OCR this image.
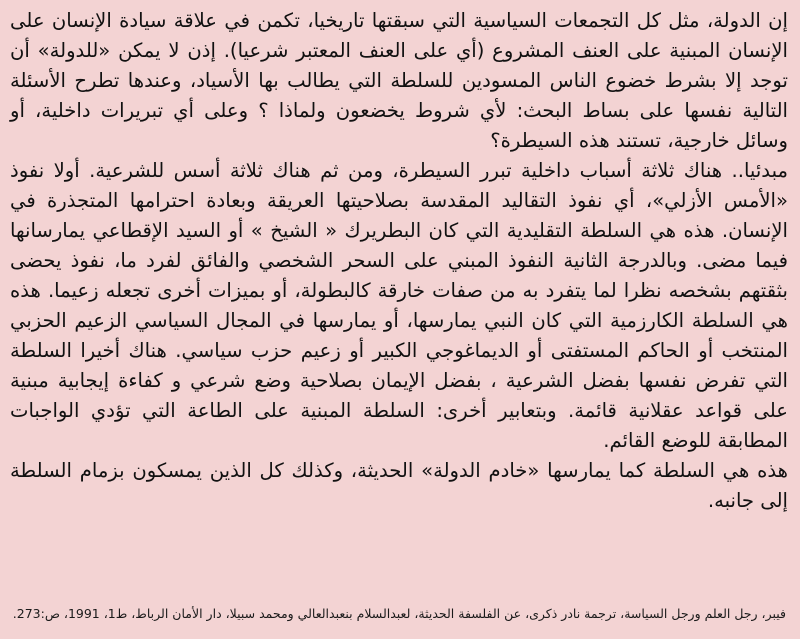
إن الدولة، مثل كل التجمعات السياسية التي سبقتها تاريخيا، تكمن في علاقة سيادة الإنسان على الإنسان المبنية على العنف المشروع (أي على العنف المعتبر شرعيا). إذن لا يمكن «للدولة» أن توجد إلا بشرط خضوع الناس المسودين للسلطة التي يطالب بها الأسياد، وعندها تطرح الأسئلة التالية نفسها على بساط البحث: لأي شروط يخضعون ولماذا ؟ وعلى أي تبريرات داخلية، أو وسائل خارجية، تستند هذه السيطرة؟

مبدئيا.. هناك ثلاثة أسباب داخلية تبرر السيطرة، ومن ثم هناك ثلاثة أسس للشرعية. أولا نفوذ «الأمس الأزلي»، أي نفوذ التقاليد المقدسة بصلاحيتها العريقة وبعادة احترامها المتجذرة في الإنسان. هذه هي السلطة التقليدية التي كان البطريرك « الشيخ » أو السيد الإقطاعي يمارسانها فيما مضى. وبالدرجة الثانية النفوذ المبني على السحر الشخصي والفائق لفرد ما، نفوذ يحضى بثقتهم بشخصه نظرا لما يتفرد به من صفات خارقة كالبطولة، أو بميزات أخرى تجعله زعيما. هذه هي السلطة الكارزمية التي كان النبي يمارسها، أو يمارسها في المجال السياسي الزعيم الحزبي المنتخب أو الحاكم المستفتى أو الديماغوجي الكبير أو زعيم حزب سياسي. هناك أخيرا السلطة التي تفرض نفسها بفضل الشرعية ، بفضل الإيمان بصلاحية وضع شرعي و كفاءة إيجابية مبنية على قواعد عقلانية قائمة. وبتعابير أخرى: السلطة المبنية على الطاعة التي تؤدي الواجبات المطابقة للوضع القائم.

هذه هي السلطة كما يمارسها «خادم الدولة» الحديثة، وكذلك كل الذين يمسكون بزمام السلطة إلى جانبه.

فيبر، رجل العلم ورجل السياسة، ترجمة نادر ذكرى، عن الفلسفة الحديثة، لعبدالسلام بنعبدالعالي ومحمد سبيلا، دار الأمان الرباط، ط1، 1991، ص:273.
